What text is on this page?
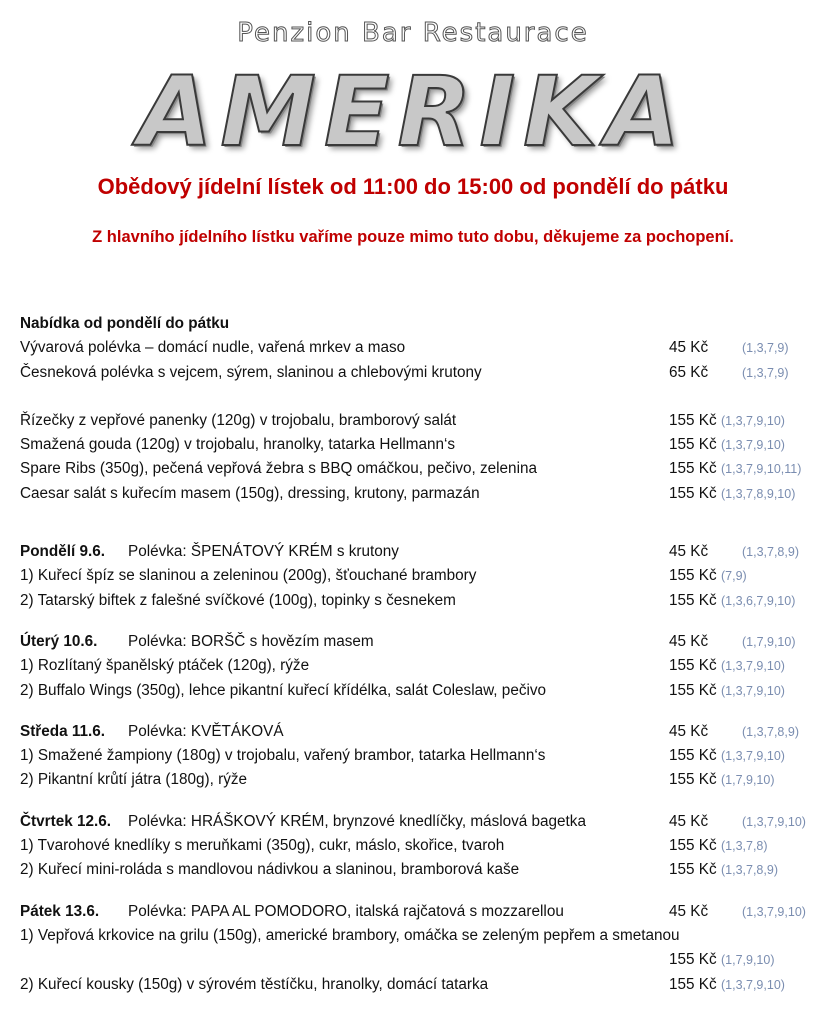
Penzion Bar Restaurace
AMERIKA
Obědový jídelní lístek od 11:00 do 15:00 od pondělí do pátku
Z hlavního jídelního lístku vaříme pouze mimo tuto dobu, děkujeme za pochopení.
Nabídka od pondělí do pátku
Vývarová polévka – domácí nudle, vařená mrkev a maso	45 Kč	(1,3,7,9)
Česneková polévka s vejcem, sýrem, slaninou a chlebovými krutony	65 Kč	(1,3,7,9)
Řízečky z vepřové panenky (120g) v trojobalu, bramborový salát	155 Kč (1,3,7,9,10)
Smažená gouda (120g) v trojobalu, hranolky, tatarka Hellmann‘s	155 Kč (1,3,7,9,10)
Spare Ribs (350g), pečená vepřová žebra s BBQ omáčkou, pečivo, zelenina	155 Kč (1,3,7,9,10,11)
Caesar salát s kuřecím masem (150g), dressing, krutony, parmazán	155 Kč (1,3,7,8,9,10)
Pondělí 9.6. Polévka: ŠPENÁTOVÝ KRÉM s krutony	45 Kč	(1,3,7,8,9)
1) Kuřecí špíz se slaninou a zeleninou (200g), šťouchané brambory	155 Kč (7,9)
2) Tatarský biftek z falešné svíčkové (100g), topinky s česnekem	155 Kč (1,3,6,7,9,10)
Úterý 10.6. Polévka: BORŠČ s hovězím masem	45 Kč	(1,7,9,10)
1) Rozlítaný španělský ptáček (120g), rýže	155 Kč (1,3,7,9,10)
2) Buffalo Wings (350g), lehce pikantní kuřecí křídélka, salát Coleslaw, pečivo	155 Kč (1,3,7,9,10)
Středa 11.6. Polévka: KVĚTÁKOVÁ	45 Kč	(1,3,7,8,9)
1) Smažené žampiony (180g) v trojobalu, vařený brambor, tatarka Hellmann‘s	155 Kč (1,3,7,9,10)
2) Pikantní krůtí játra (180g), rýže	155 Kč (1,7,9,10)
Čtvrtek 12.6. Polévka: HRÁŠKOVÝ KRÉM, brynzové knedlíčky, máslová bagetka	45 Kč	(1,3,7,9,10)
1) Tvarohové knedlíky s meruňkami (350g), cukr, máslo, skořice, tvaroh	155 Kč (1,3,7,8)
2) Kuřecí mini-roláda s mandlovou nádivkou a slaninou, bramborová kaše	155 Kč (1,3,7,8,9)
Pátek 13.6. Polévka: PAPA AL POMODORO, italská rajčatová s mozzarellou	45 Kč	(1,3,7,9,10)
1) Vepřová krkovice na grilu (150g), americké brambory, omáčka se zeleným pepřem a smetanou
155 Kč (1,7,9,10)
2) Kuřecí kousky (150g) v sýrovém těstíčku, hranolky, domácí tatarka	155 Kč (1,3,7,9,10)
